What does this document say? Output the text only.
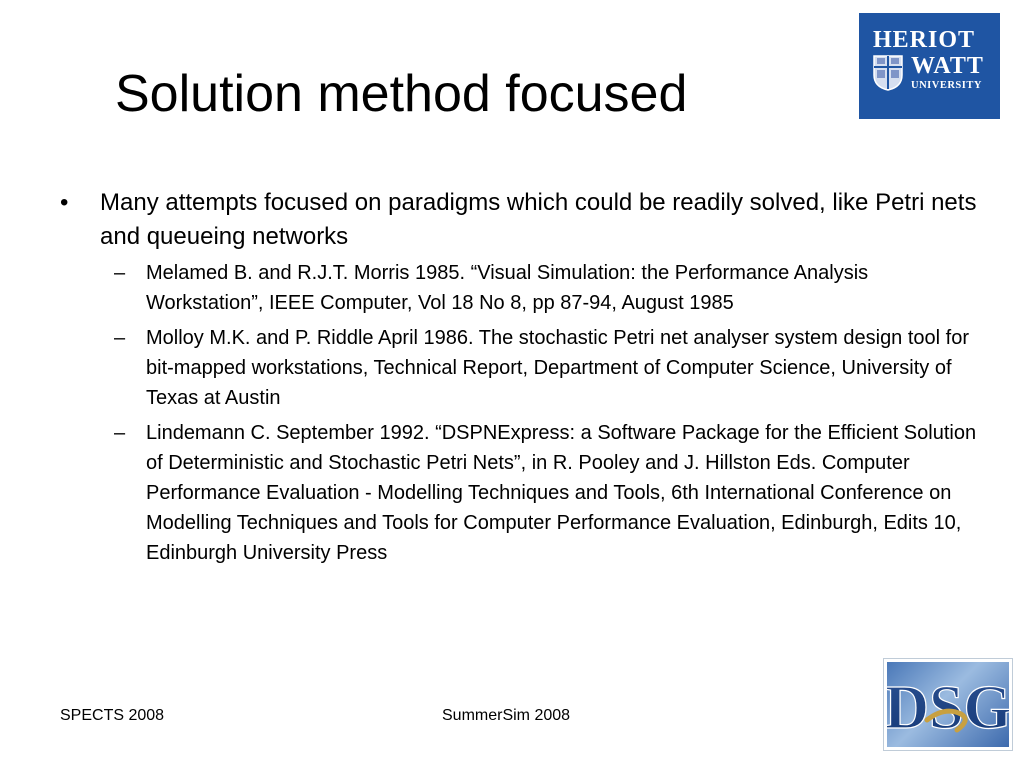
Solution method focused
HERIOT
WATT
UNIVERSITY
• Many attempts focused on paradigms which could be readily solved, like Petri nets and queueing networks
– Melamed B. and R.J.T. Morris 1985. “Visual Simulation: the Performance Analysis Workstation”, IEEE Computer, Vol 18 No 8, pp 87-94, August 1985
– Molloy M.K. and P. Riddle April 1986. The stochastic Petri net analyser system design tool for bit-mapped workstations, Technical Report, Department of Computer Science, University of Texas at Austin
– Lindemann C. September 1992. “DSPNExpress: a Software Package for the Efficient Solution of Deterministic and Stochastic Petri Nets”, in R. Pooley and J. Hillston Eds. Computer Performance Evaluation - Modelling Techniques and Tools, 6th International Conference on Modelling Techniques and Tools for Computer Performance Evaluation, Edinburgh, Edits 10, Edinburgh University Press
SPECTS 2008	SummerSim 2008	DSG
